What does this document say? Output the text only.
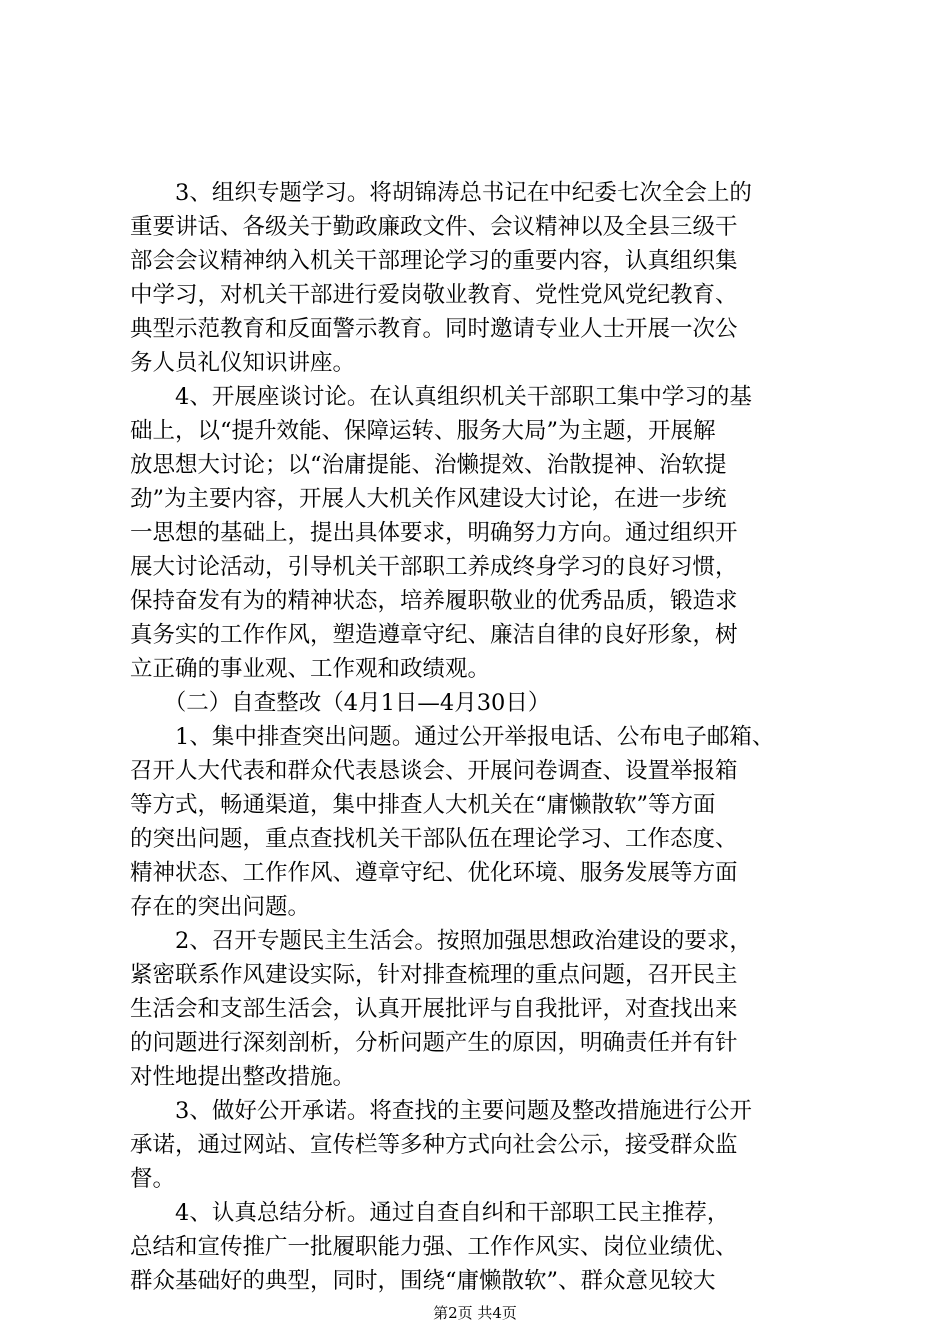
　　3、组织专题学习。将胡锦涛总书记在中纪委七次全会上的
重要讲话、各级关于勤政廉政文件、会议精神以及全县三级干
部会会议精神纳入机关干部理论学习的重要内容，认真组织集
中学习，对机关干部进行爱岗敬业教育、党性党风党纪教育、
典型示范教育和反面警示教育。同时邀请专业人士开展一次公
务人员礼仪知识讲座。
　　4、开展座谈讨论。在认真组织机关干部职工集中学习的基
础上，以“提升效能、保障运转、服务大局”为主题，开展解
放思想大讨论；以“治庸提能、治懒提效、治散提神、治软提
劲”为主要内容，开展人大机关作风建设大讨论，在进一步统
一思想的基础上，提出具体要求，明确努力方向。通过组织开
展大讨论活动，引导机关干部职工养成终身学习的良好习惯，
保持奋发有为的精神状态，培养履职敬业的优秀品质，锻造求
真务实的工作作风，塑造遵章守纪、廉洁自律的良好形象，树
立正确的事业观、工作观和政绩观。
　　（二）自查整改（4月1日—4月30日）
　　1、集中排查突出问题。通过公开举报电话、公布电子邮箱、
召开人大代表和群众代表恳谈会、开展问卷调查、设置举报箱
等方式，畅通渠道，集中排查人大机关在“庸懒散软”等方面
的突出问题，重点查找机关干部队伍在理论学习、工作态度、
精神状态、工作作风、遵章守纪、优化环境、服务发展等方面
存在的突出问题。
　　2、召开专题民主生活会。按照加强思想政治建设的要求，
紧密联系作风建设实际，针对排查梳理的重点问题，召开民主
生活会和支部生活会，认真开展批评与自我批评，对查找出来
的问题进行深刻剖析，分析问题产生的原因，明确责任并有针
对性地提出整改措施。
　　3、做好公开承诺。将查找的主要问题及整改措施进行公开
承诺，通过网站、宣传栏等多种方式向社会公示，接受群众监
督。
　　4、认真总结分析。通过自查自纠和干部职工民主推荐，
总结和宣传推广一批履职能力强、工作作风实、岗位业绩优、
群众基础好的典型，同时，围绕“庸懒散软”、群众意见较大
第2页 共4页
